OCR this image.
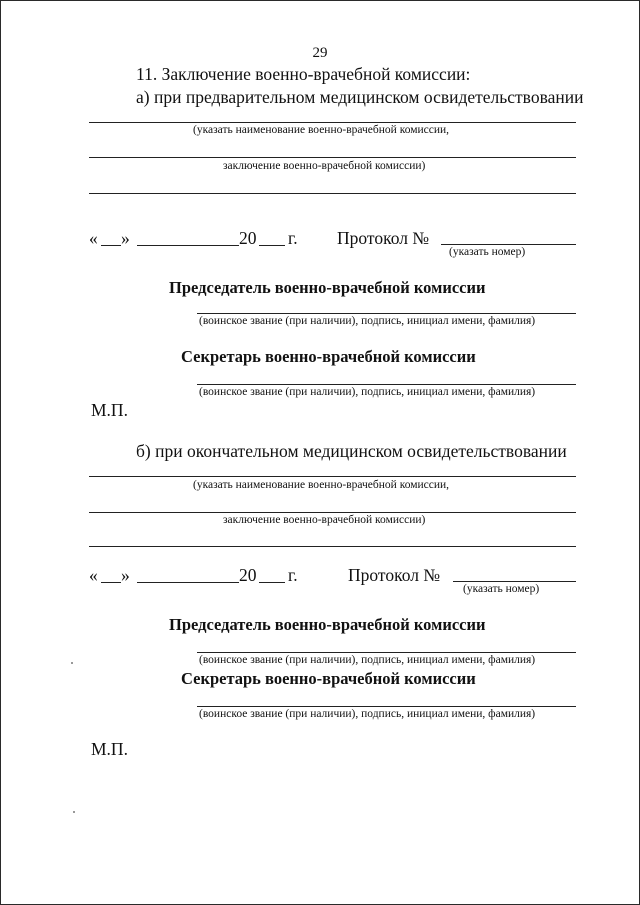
29
11. Заключение военно-врачебной комиссии:
а) при предварительном медицинском освидетельствовании
(указать наименование военно-врачебной комиссии,
заключение военно-врачебной комиссии)
« »	20 г. Протокол №
(указать номер)
Председатель военно-врачебной комиссии
(воинское звание (при наличии), подпись, инициал имени, фамилия)
Секретарь военно-врачебной комиссии
(воинское звание (при наличии), подпись, инициал имени, фамилия)
М.П.
б) при окончательном медицинском освидетельствовании
(указать наименование военно-врачебной комиссии,
заключение военно-врачебной комиссии)
« »	20 г.	Протокол №
(указать номер)
Председатель военно-врачебной комиссии
(воинское звание (при наличии), подпись, инициал имени, фамилия)
Секретарь военно-врачебной комиссии
(воинское звание (при наличии), подпись, инициал имени, фамилия)
М.П.
